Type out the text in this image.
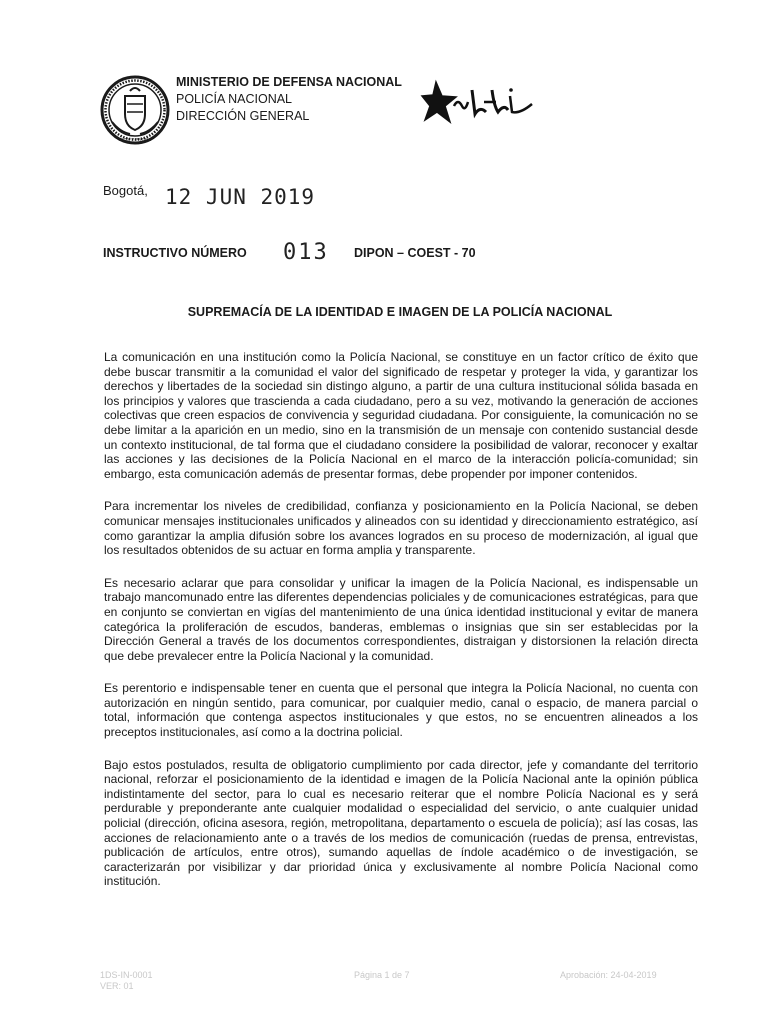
DIOS Y PATRIA
MINISTERIO DE DEFENSA NACIONAL
POLICÍA NACIONAL
DIRECCIÓN GENERAL
Bogotá, 12 JUN 2019
INSTRUCTIVO NÚMERO 013 DIPON – COEST - 70
SUPREMACÍA DE LA IDENTIDAD E IMAGEN DE LA POLICÍA NACIONAL

La comunicación en una institución como la Policía Nacional, se constituye en un factor crítico de éxito que debe buscar transmitir a la comunidad el valor del significado de respetar y proteger la vida, y garantizar los derechos y libertades de la sociedad sin distingo alguno, a partir de una cultura institucional sólida basada en los principios y valores que trascienda a cada ciudadano, pero a su vez, motivando la generación de acciones colectivas que creen espacios de convivencia y seguridad ciudadana. Por consiguiente, la comunicación no se debe limitar a la aparición en un medio, sino en la transmisión de un mensaje con contenido sustancial desde un contexto institucional, de tal forma que el ciudadano considere la posibilidad de valorar, reconocer y exaltar las acciones y las decisiones de la Policía Nacional en el marco de la interacción policía-comunidad; sin embargo, esta comunicación además de presentar formas, debe propender por imponer contenidos.

Para incrementar los niveles de credibilidad, confianza y posicionamiento en la Policía Nacional, se deben comunicar mensajes institucionales unificados y alineados con su identidad y direccionamiento estratégico, así como garantizar la amplia difusión sobre los avances logrados en su proceso de modernización, al igual que los resultados obtenidos de su actuar en forma amplia y transparente.

Es necesario aclarar que para consolidar y unificar la imagen de la Policía Nacional, es indispensable un trabajo mancomunado entre las diferentes dependencias policiales y de comunicaciones estratégicas, para que en conjunto se conviertan en vigías del mantenimiento de una única identidad institucional y evitar de manera categórica la proliferación de escudos, banderas, emblemas o insignias que sin ser establecidas por la Dirección General a través de los documentos correspondientes, distraigan y distorsionen la relación directa que debe prevalecer entre la Policía Nacional y la comunidad.

Es perentorio e indispensable tener en cuenta que el personal que integra la Policía Nacional, no cuenta con autorización en ningún sentido, para comunicar, por cualquier medio, canal o espacio, de manera parcial o total, información que contenga aspectos institucionales y que estos, no se encuentren alineados a los preceptos institucionales, así como a la doctrina policial.

Bajo estos postulados, resulta de obligatorio cumplimiento por cada director, jefe y comandante del territorio nacional, reforzar el posicionamiento de la identidad e imagen de la Policía Nacional ante la opinión pública indistintamente del sector, para lo cual es necesario reiterar que el nombre Policía Nacional es y será perdurable y preponderante ante cualquier modalidad o especialidad del servicio, o ante cualquier unidad policial (dirección, oficina asesora, región, metropolitana, departamento o escuela de policía); así las cosas, las acciones de relacionamiento ante o a través de los medios de comunicación (ruedas de prensa, entrevistas, publicación de artículos, entre otros), sumando aquellas de índole académico o de investigación, se caracterizarán por visibilizar y dar prioridad única y exclusivamente al nombre Policía Nacional como institución.

1DS-IN-0001
VER: 01
Página 1 de 7	Aprobación: 24-04-2019
